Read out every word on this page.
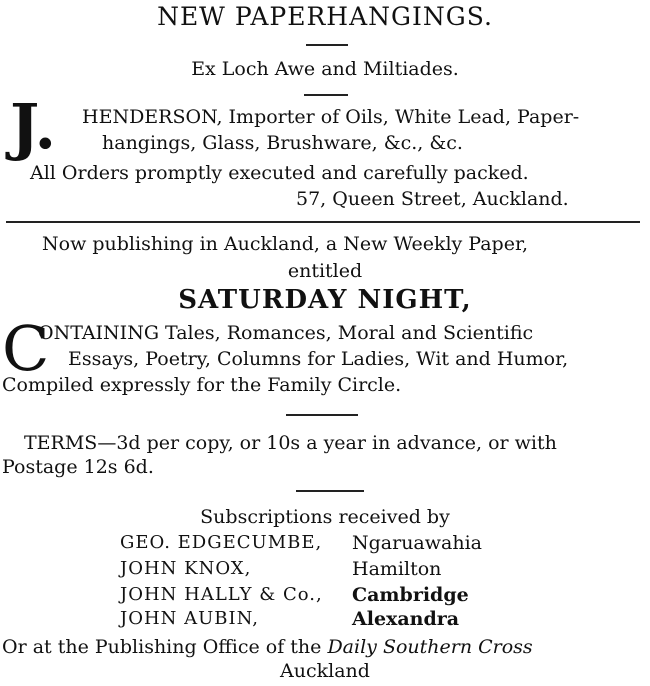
NEW PAPERHANGINGS.
Ex Loch Awe and Miltiades.
J. HENDERSON, Importer of Oils, White Lead, Paper-
hangings, Glass, Brushware, &c., &c.
All Orders promptly executed and carefully packed.
57, Queen Street, Auckland.
Now publishing in Auckland, a New Weekly Paper,
entitled
SATURDAY NIGHT,
C
ONTAINING Tales, Romances, Moral and Scientific
Essays, Poetry, Columns for Ladies, Wit and Humor,
Compiled expressly for the Family Circle.
TERMS—3d per copy, or 10s a year in advance, or with
Postage 12s 6d.
Subscriptions received by
GEO. EDGECUMBE, Ngaruawahia
JOHN KNOX,	Hamilton
JOHN HALLY & Co., Cambridge
JOHN AUBIN,	Alexandra
Or at the Publishing Office of the Daily Southern Cross
Auckland
